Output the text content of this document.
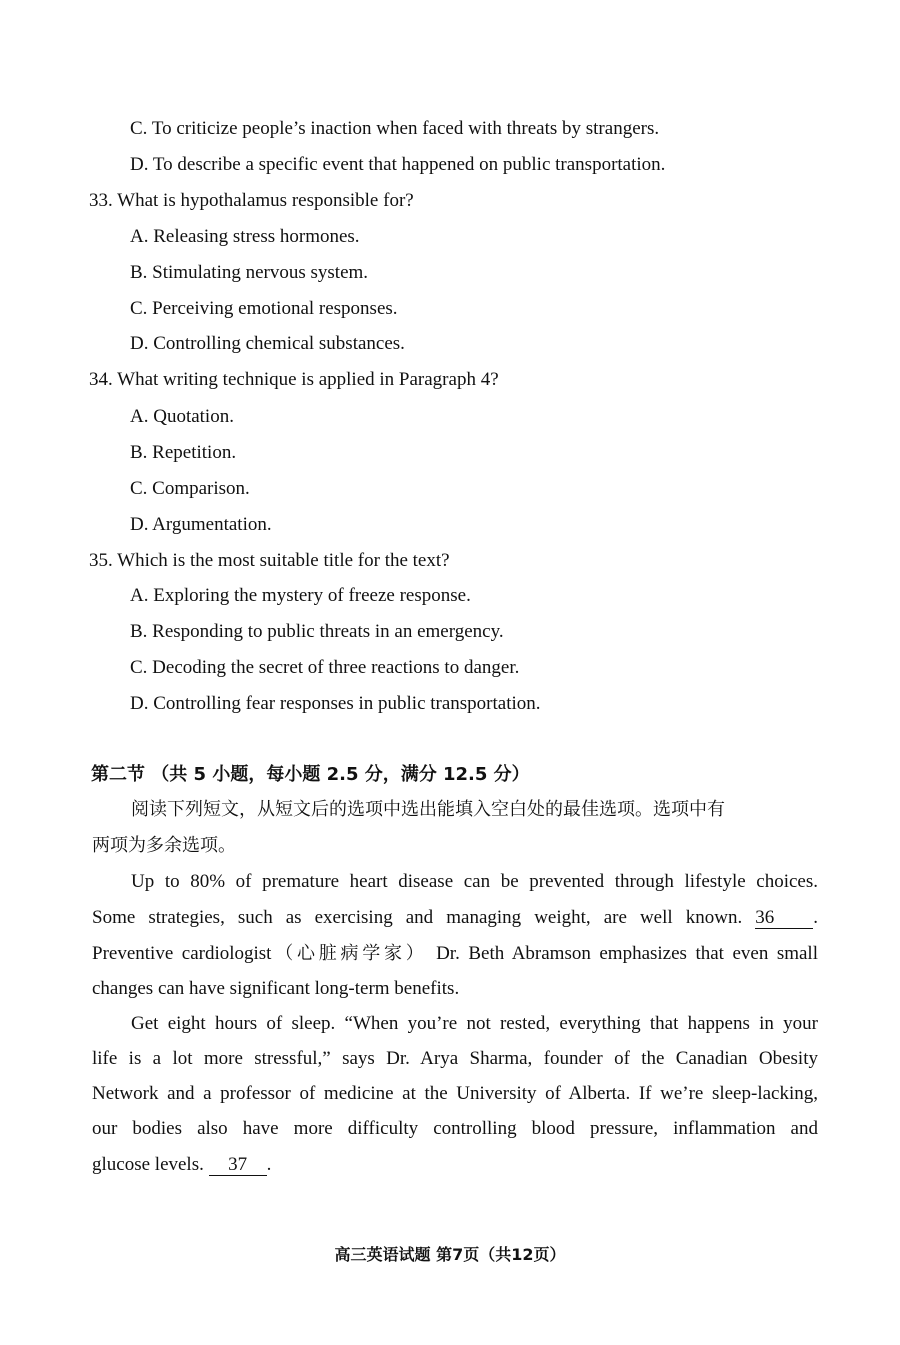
C. To criticize people’s inaction when faced with threats by strangers.
D. To describe a specific event that happened on public transportation.
33. What is hypothalamus responsible for?
A. Releasing stress hormones.
B. Stimulating nervous system.
C. Perceiving emotional responses.
D. Controlling chemical substances.
34. What writing technique is applied in Paragraph 4?
A. Quotation.
B. Repetition.
C. Comparison.
D. Argumentation.
35. Which is the most suitable title for the text?
A. Exploring the mystery of freeze response.
B. Responding to public threats in an emergency.
C. Decoding the secret of three reactions to danger.
D. Controlling fear responses in public transportation.
第二节 （共 5 小题，每小题 2.5 分，满分 12.5 分）
阅读下列短文，从短文后的选项中选出能填入空白处的最佳选项。选项中有
两项为多余选项。
Up to 80% of premature heart disease can be prevented through lifestyle choices.
Some strategies, such as exercising and managing weight, are well known. 36 .
Preventive cardiologist（心脏病学家） Dr. Beth Abramson emphasizes that even small
changes can have significant long-term benefits.
Get eight hours of sleep. “When you’re not rested, everything that happens in your
life is a lot more stressful,” says Dr. Arya Sharma, founder of the Canadian Obesity
Network and a professor of medicine at the University of Alberta. If we’re sleep-lacking,
our bodies also have more difficulty controlling blood pressure, inflammation and
glucose levels. 37 .
高三英语试题 第7页（共12页）
